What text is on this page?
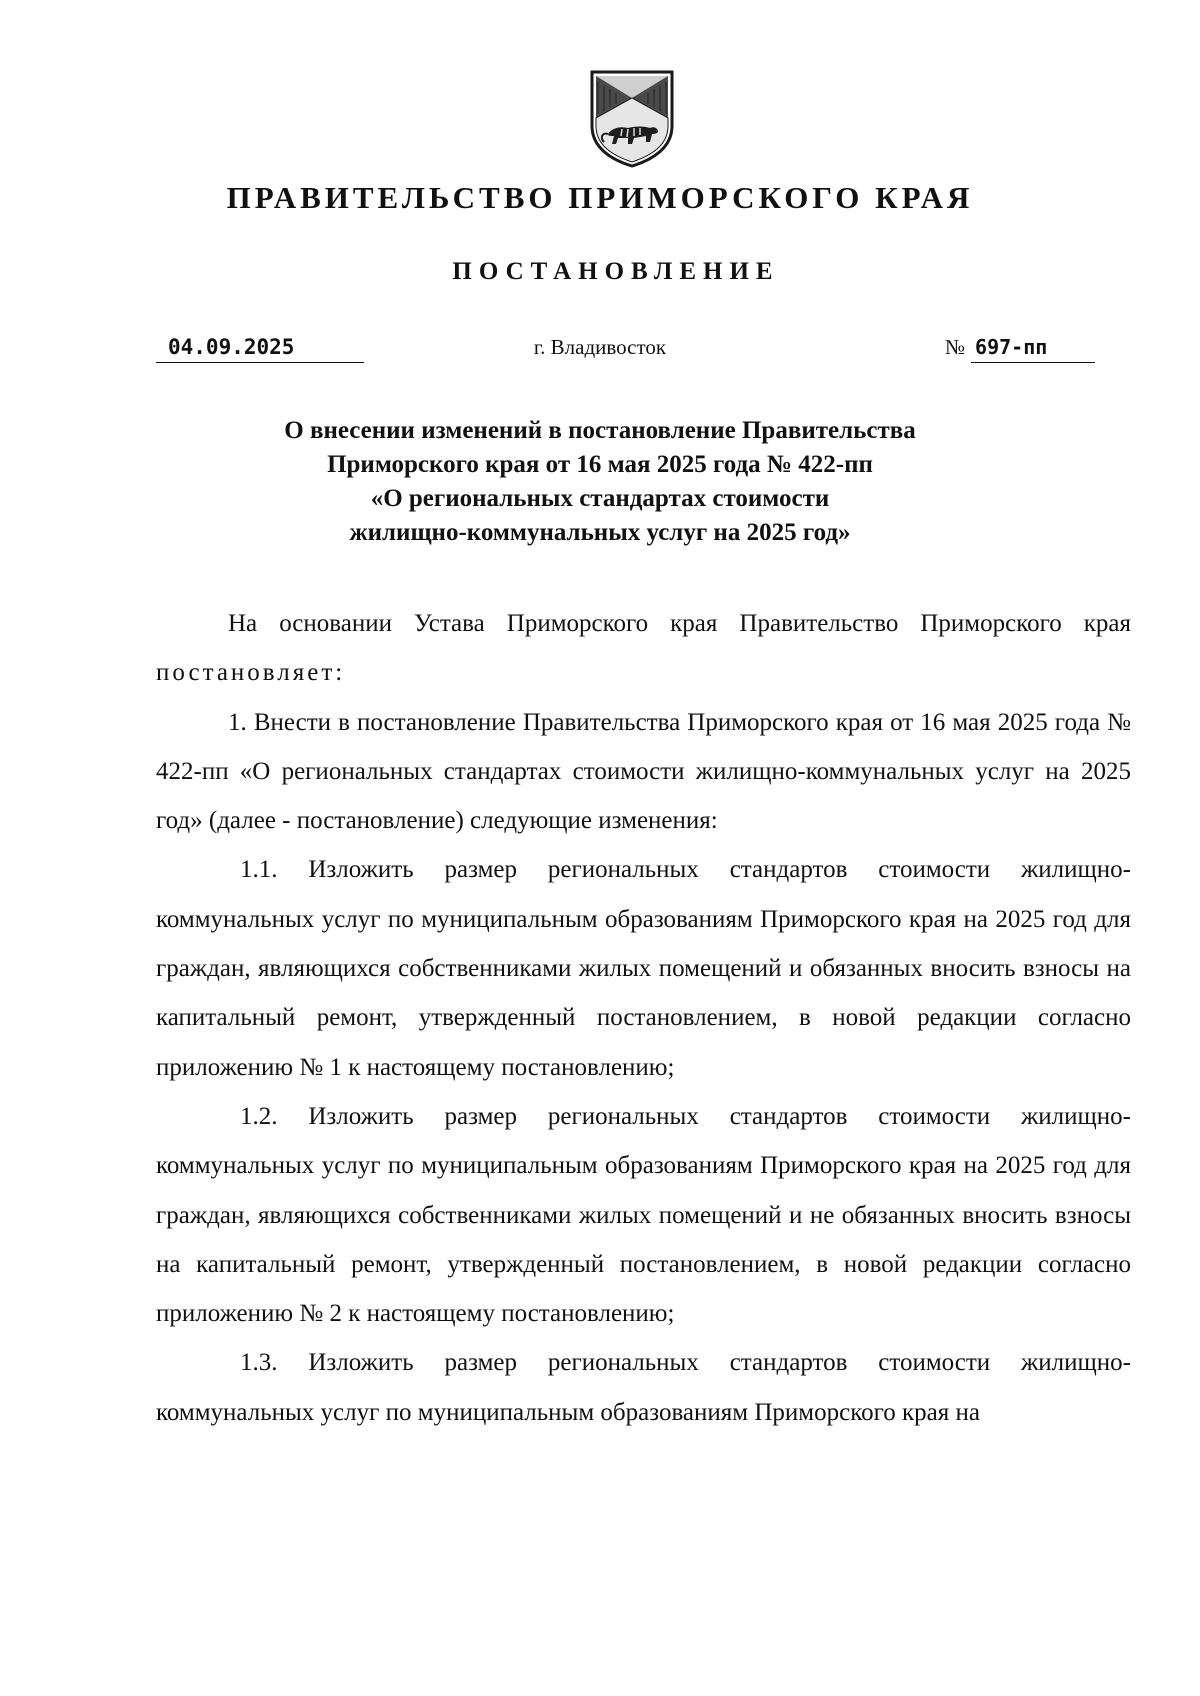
ПРАВИТЕЛЬСТВО ПРИМОРСКОГО КРАЯ
ПОСТАНОВЛЕНИЕ
04.09.2025	г. Владивосток	№ 697-пп
О внесении изменений в постановление Правительства
Приморского края от 16 мая 2025 года № 422-пп
«О региональных стандартах стоимости
жилищно-коммунальных услуг на 2025 год»

На основании Устава Приморского края Правительство Приморского края постановляет:

1. Внести в постановление Правительства Приморского края от 16 мая 2025 года № 422-пп «О региональных стандартах стоимости жилищно-коммунальных услуг на 2025 год» (далее - постановление) следующие изменения:

1.1. Изложить размер региональных стандартов стоимости жилищно-коммунальных услуг по муниципальным образованиям Приморского края на 2025 год для граждан, являющихся собственниками жилых помещений и обязанных вносить взносы на капитальный ремонт, утвержденный постановлением, в новой редакции согласно приложению № 1 к настоящему постановлению;

1.2. Изложить размер региональных стандартов стоимости жилищно-коммунальных услуг по муниципальным образованиям Приморского края на 2025 год для граждан, являющихся собственниками жилых помещений и не обязанных вносить взносы на капитальный ремонт, утвержденный постановлением, в новой редакции согласно приложению № 2 к настоящему постановлению;

1.3. Изложить размер региональных стандартов стоимости жилищно-коммунальных услуг по муниципальным образованиям Приморского края на
